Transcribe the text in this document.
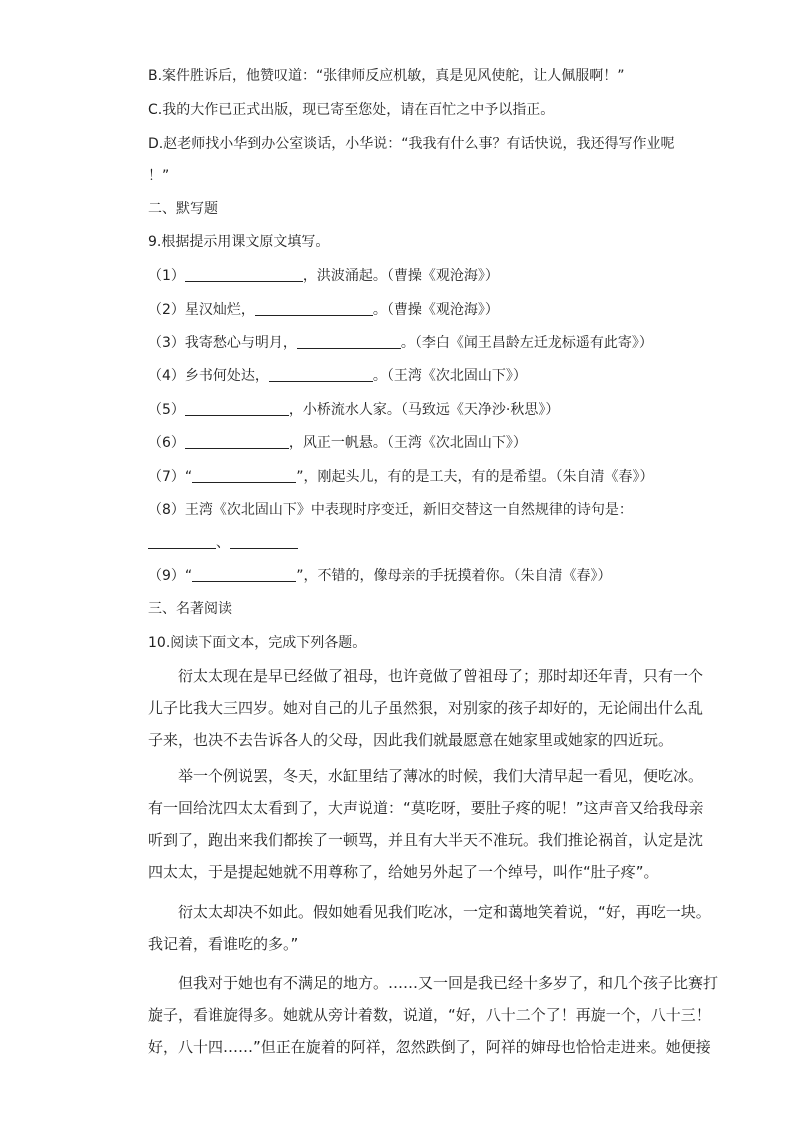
B.案件胜诉后，他赞叹道：“张律师反应机敏，真是见风使舵，让人佩服啊！”
C.我的大作已正式出版，现已寄至您处，请在百忙之中予以指正。
D.赵老师找小华到办公室谈话，小华说：“我我有什么事？有话快说，我还得写作业呢
！”
二、默写题
9.根据提示用课文原文填写。
（1）	，洪波涌起。（曹操《观沧海》）
（2）星汉灿烂，	。（曹操《观沧海》）
（3）我寄愁心与明月，	。（李白《闻王昌龄左迁龙标遥有此寄》）
（4）乡书何处达，	。（王湾《次北固山下》）
（5）	，小桥流水人家。（马致远《天净沙·秋思》）
（6）	，风正一帆悬。（王湾《次北固山下》）
（7）“	”，刚起头儿，有的是工夫，有的是希望。（朱自清《春》）
（8）王湾《次北固山下》中表现时序变迁，新旧交替这一自然规律的诗句是：
、
（9）“	”，不错的，像母亲的手抚摸着你。（朱自清《春》）
三、名著阅读
10.阅读下面文本，完成下列各题。
衍太太现在是早已经做了祖母，也许竟做了曾祖母了；那时却还年青，只有一个
儿子比我大三四岁。她对自己的儿子虽然狠，对别家的孩子却好的，无论闹出什么乱
子来，也决不去告诉各人的父母，因此我们就最愿意在她家里或她家的四近玩。
举一个例说罢，冬天，水缸里结了薄冰的时候，我们大清早起一看见，便吃冰。
有一回给沈四太太看到了，大声说道：“莫吃呀，要肚子疼的呢！”这声音又给我母亲
听到了，跑出来我们都挨了一顿骂，并且有大半天不准玩。我们推论祸首，认定是沈
四太太，于是提起她就不用尊称了，给她另外起了一个绰号，叫作“肚子疼”。
衍太太却决不如此。假如她看见我们吃冰，一定和蔼地笑着说，“好，再吃一块。
我记着，看谁吃的多。”
但我对于她也有不满足的地方。……又一回是我已经十多岁了，和几个孩子比赛打
旋子，看谁旋得多。她就从旁计着数，说道，“好，八十二个了！再旋一个，八十三！
好，八十四……”但正在旋着的阿祥，忽然跌倒了，阿祥的婶母也恰恰走进来。她便接
